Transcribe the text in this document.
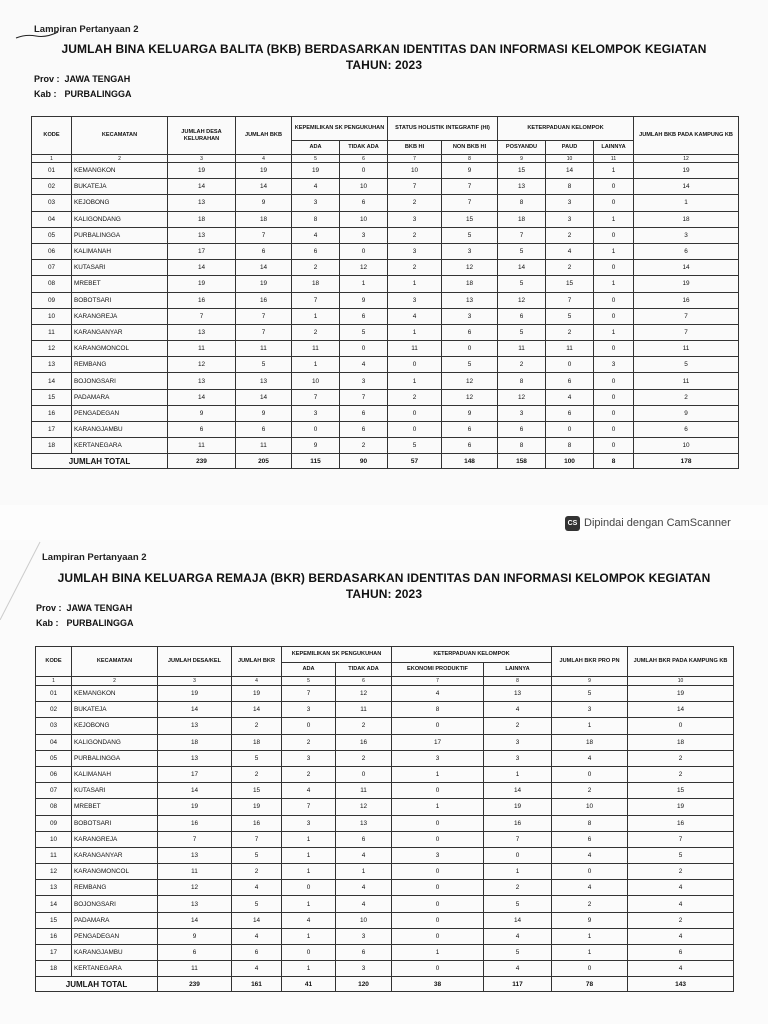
Lampiran Pertanyaan 2
JUMLAH BINA KELUARGA BALITA (BKB) BERDASARKAN IDENTITAS DAN INFORMASI KELOMPOK KEGIATAN
TAHUN: 2023
Prov : JAWA TENGAH
Kab : PURBALINGGA
KODE	KECAMATAN	JUMLAH DESA KELURAHAN	JUMLAH BKB	KEPEMILIKAN SK PENGUKUHAN		STATUS HOLISTIK INTEGRATIF (HI)		KETERPADUAN KELOMPOK			JUMLAH BKB PADA KAMPUNG KB
				ADA	TIDAK ADA	BKB HI	NON BKB HI	POSYANDU	PAUD	LAINNYA	
1	2	3	4	5	6	7	8	9	10	11	12
01	KEMANGKON	19	19	19	0	10	9	15	14	1	19
02	BUKATEJA	14	14	4	10	7	7	13	8	0	14
03	KEJOBONG	13	9	3	6	2	7	8	3	0	1
04	KALIGONDANG	18	18	8	10	3	15	18	3	1	18
05	PURBALINGGA	13	7	4	3	2	5	7	2	0	3
06	KALIMANAH	17	6	6	0	3	3	5	4	1	6
07	KUTASARI	14	14	2	12	2	12	14	2	0	14
08	MREBET	19	19	18	1	1	18	5	15	1	19
09	BOBOTSARI	16	16	7	9	3	13	12	7	0	16
10	KARANGREJA	7	7	1	6	4	3	6	5	0	7
11	KARANGANYAR	13	7	2	5	1	6	5	2	1	7
12	KARANGMONCOL	11	11	11	0	11	0	11	11	0	11
13	REMBANG	12	5	1	4	0	5	2	0	3	5
14	BOJONGSARI	13	13	10	3	1	12	8	6	0	11
15	PADAMARA	14	14	7	7	2	12	12	4	0	2
16	PENGADEGAN	9	9	3	6	0	9	3	6	0	9
17	KARANGJAMBU	6	6	0	6	0	6	6	0	0	6
18	KERTANEGARA	11	11	9	2	5	6	8	8	0	10
JUMLAH TOTAL		239	205	115	90	57	148	158	100	8	178
CS Dipindai dengan CamScanner
Lampiran Pertanyaan 2
JUMLAH BINA KELUARGA REMAJA (BKR) BERDASARKAN IDENTITAS DAN INFORMASI KELOMPOK KEGIATAN
TAHUN: 2023
Prov : JAWA TENGAH
Kab : PURBALINGGA
KODE	KECAMATAN	JUMLAH DESA/KEL	JUMLAH BKR	KEPEMILIKAN SK PENGUKUHAN		KETERPADUAN KELOMPOK		JUMLAH BKR PRO PN	JUMLAH BKR PADA KAMPUNG KB
				ADA	TIDAK ADA	EKONOMI PRODUKTIF	LAINNYA		
1	2	3	4	5	6	7	8	9	10
01	KEMANGKON	19	19	7	12	4	13	5	19
02	BUKATEJA	14	14	3	11	8	4	3	14
03	KEJOBONG	13	2	0	2	0	2	1	0
04	KALIGONDANG	18	18	2	16	17	3	18	18
05	PURBALINGGA	13	5	3	2	3	3	4	2
06	KALIMANAH	17	2	2	0	1	1	0	2
07	KUTASARI	14	15	4	11	0	14	2	15
08	MREBET	19	19	7	12	1	19	10	19
09	BOBOTSARI	16	16	3	13	0	16	8	16
10	KARANGREJA	7	7	1	6	0	7	6	7
11	KARANGANYAR	13	5	1	4	3	0	4	5
12	KARANGMONCOL	11	2	1	1	0	1	0	2
13	REMBANG	12	4	0	4	0	2	4	4
14	BOJONGSARI	13	5	1	4	0	5	2	4
15	PADAMARA	14	14	4	10	0	14	9	2
16	PENGADEGAN	9	4	1	3	0	4	1	4
17	KARANGJAMBU	6	6	0	6	1	5	1	6
18	KERTANEGARA	11	4	1	3	0	4	0	4
JUMLAH TOTAL		239	161	41	120	38	117	78	143
